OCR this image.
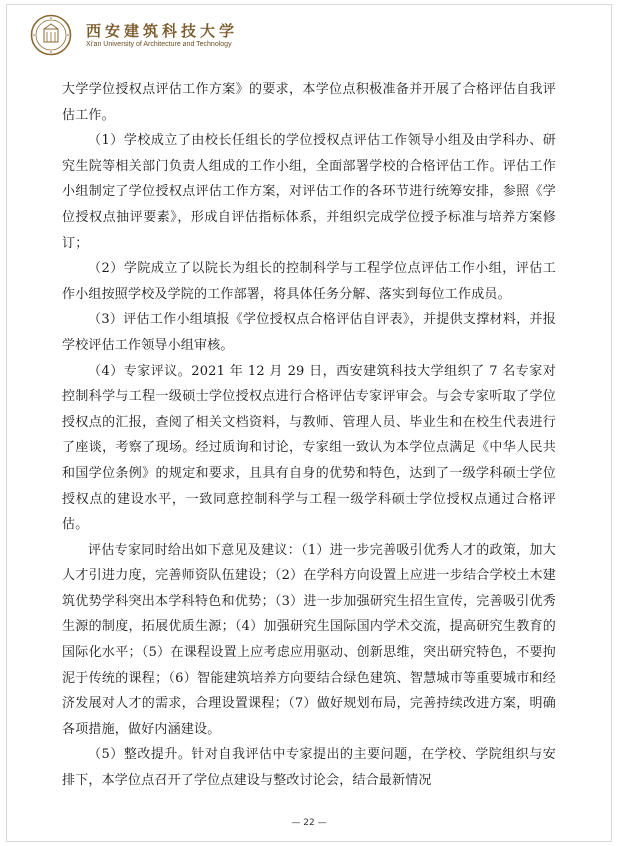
西安建筑科技大学
Xi'an University of Architecture and Technology

大学学位授权点评估工作方案》的要求，本学位点积极准备并开展了合格评估自我评估工作。

（1）学校成立了由校长任组长的学位授权点评估工作领导小组及由学科办、研究生院等相关部门负责人组成的工作小组，全面部署学校的合格评估工作。评估工作小组制定了学位授权点评估工作方案，对评估工作的各环节进行统筹安排，参照《学位授权点抽评要素》，形成自评估指标体系，并组织完成学位授予标准与培养方案修订；

（2）学院成立了以院长为组长的控制科学与工程学位点评估工作小组，评估工作小组按照学校及学院的工作部署，将具体任务分解、落实到每位工作成员。

（3）评估工作小组填报《学位授权点合格评估自评表》，并提供支撑材料，并报学校评估工作领导小组审核。

（4）专家评议。2021 年 12 月 29 日，西安建筑科技大学组织了 7 名专家对控制科学与工程一级硕士学位授权点进行合格评估专家评审会。与会专家听取了学位授权点的汇报，查阅了相关文档资料，与教师、管理人员、毕业生和在校生代表进行了座谈，考察了现场。经过质询和讨论，专家组一致认为本学位点满足《中华人民共和国学位条例》的规定和要求，且具有自身的优势和特色，达到了一级学科硕士学位授权点的建设水平，一致同意控制科学与工程一级学科硕士学位授权点通过合格评估。

评估专家同时给出如下意见及建议：（1）进一步完善吸引优秀人才的政策，加大人才引进力度，完善师资队伍建设；（2）在学科方向设置上应进一步结合学校土木建筑优势学科突出本学科特色和优势；（3）进一步加强研究生招生宣传，完善吸引优秀生源的制度，拓展优质生源；（4）加强研究生国际国内学术交流，提高研究生教育的国际化水平；（5）在课程设置上应考虑应用驱动、创新思维，突出研究特色，不要拘泥于传统的课程；（6）智能建筑培养方向要结合绿色建筑、智慧城市等重要城市和经济发展对人才的需求，合理设置课程；（7）做好规划布局，完善持续改进方案，明确各项措施，做好内涵建设。

（5）整改提升。针对自我评估中专家提出的主要问题，在学校、学院组织与安排下，本学位点召开了学位点建设与整改讨论会，结合最新情况

— 22 —
